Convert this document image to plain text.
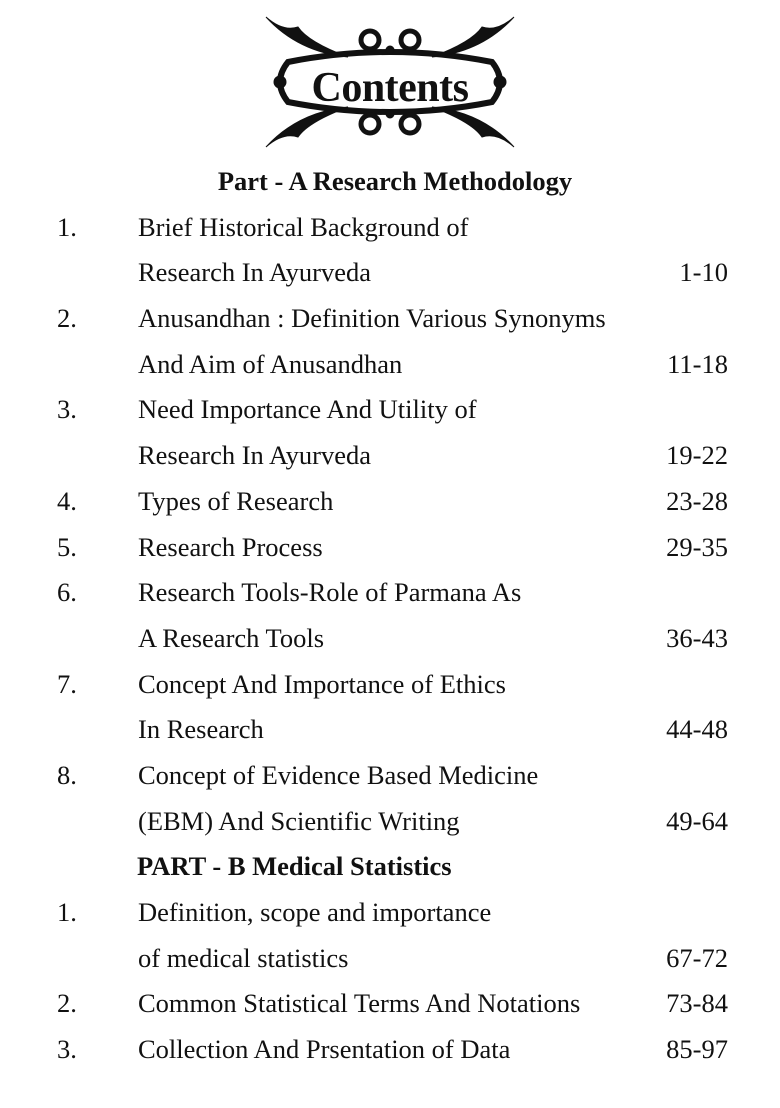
Contents
Part - A Research Methodology
1. Brief Historical Background of
Research In Ayurveda	1-10
2. Anusandhan : Definition Various Synonyms
And Aim of Anusandhan	11-18
3. Need Importance And Utility of
Research In Ayurveda	19-22
4. Types of Research	23-28
5. Research Process	29-35
6. Research Tools-Role of Parmana As
A Research Tools	36-43
7. Concept And Importance of Ethics
In Research	44-48
8. Concept of Evidence Based Medicine
(EBM) And Scientific Writing	49-64
PART - B Medical Statistics
1. Definition, scope and importance
of medical statistics	67-72
2. Common Statistical Terms And Notations	73-84
3. Collection And Prsentation of Data	85-97
